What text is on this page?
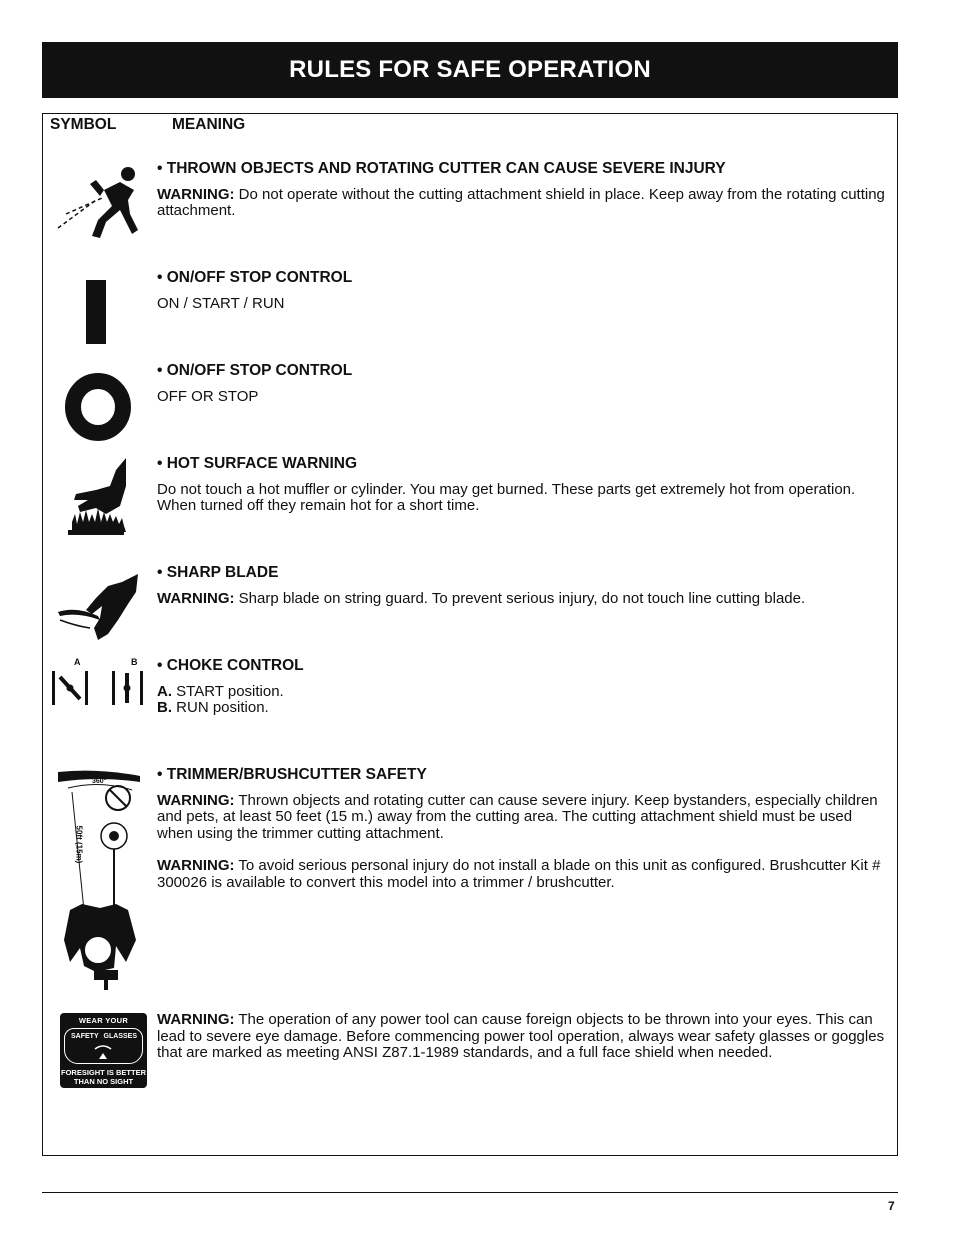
RULES FOR SAFE OPERATION
SYMBOL	MEANING
• THROWN OBJECTS AND ROTATING CUTTER CAN CAUSE SEVERE INJURY

WARNING: Do not operate without the cutting attachment shield in place. Keep away from the rotating cutting attachment.

• ON/OFF STOP CONTROL

ON / START / RUN

• ON/OFF STOP CONTROL

OFF OR STOP

• HOT SURFACE WARNING

Do not touch a hot muffler or cylinder. You may get burned. These parts get extremely hot from operation. When turned off they remain hot for a short time.

• SHARP BLADE

WARNING: Sharp blade on string guard. To prevent serious injury, do not touch line cutting blade.

A	B • CHOKE CONTROL

A. START position.

B. RUN position.
360°
50ft (15m)
• TRIMMER/BRUSHCUTTER SAFETY

WARNING: Thrown objects and rotating cutter can cause severe injury. Keep bystanders, especially children and pets, at least 50 feet (15 m.) away from the cutting area. The cutting attachment shield must be used when using the trimmer cutting attachment.

WARNING: To avoid serious personal injury do not install a blade on this unit as configured. Brushcutter Kit # 300026 is available to convert this model into a trimmer / brushcutter.

WEAR YOUR
SAFETY GLASSES
FORESIGHT IS BETTER
THAN NO SIGHT

WARNING: The operation of any power tool can cause foreign objects to be thrown into your eyes. This can lead to severe eye damage. Before commencing power tool operation, always wear safety glasses or goggles that are marked as meeting ANSI Z87.1-1989 standards, and a full face shield when needed.

7
